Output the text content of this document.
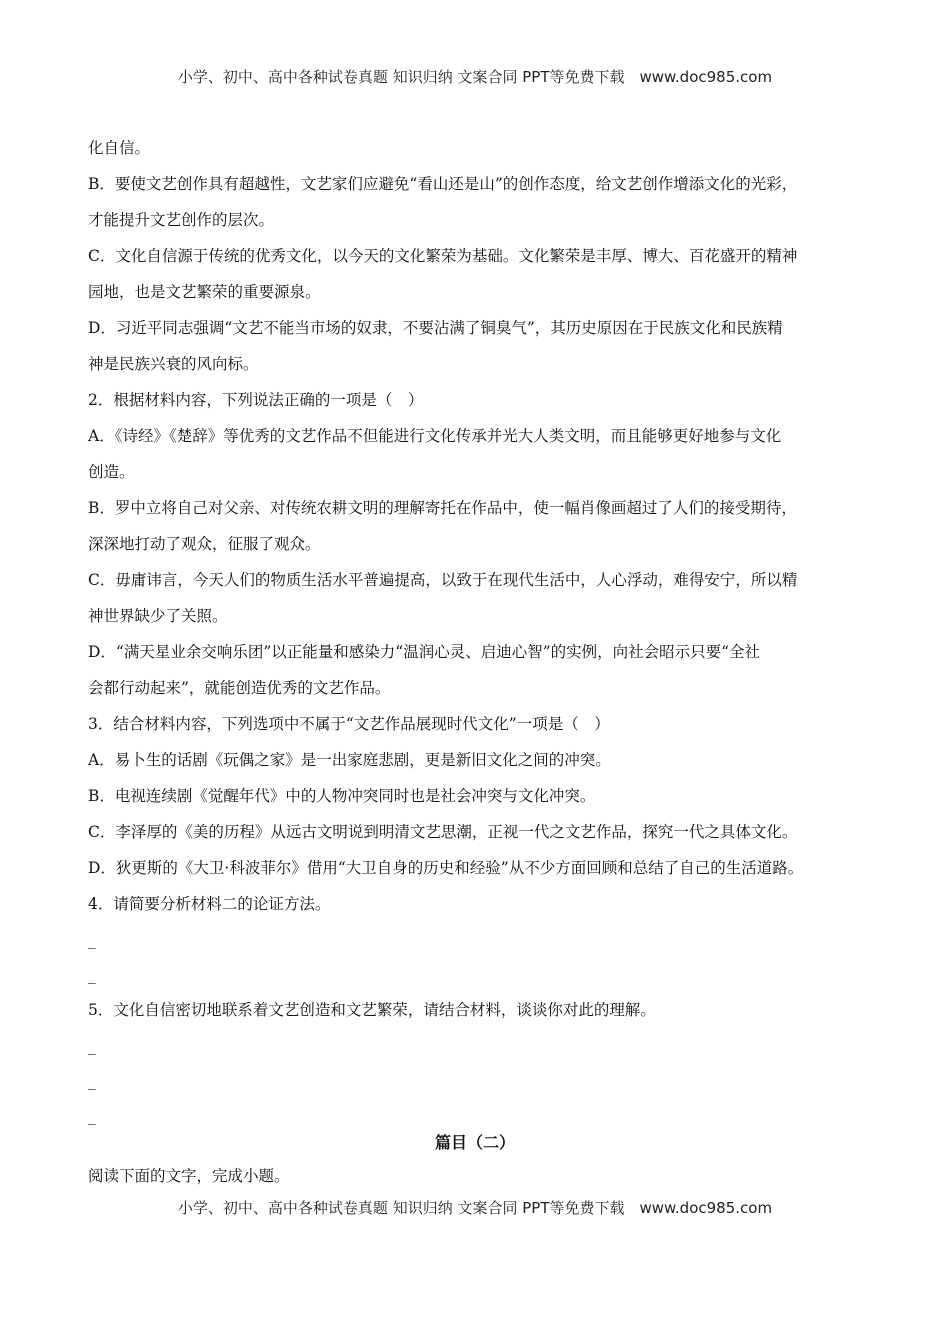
小学、初中、高中各种试卷真题 知识归纳 文案合同 PPT等免费下载　www.doc985.com
化自信。
B．要使文艺创作具有超越性，文艺家们应避免“看山还是山”的创作态度，给文艺创作增添文化的光彩，
才能提升文艺创作的层次。
C．文化自信源于传统的优秀文化，以今天的文化繁荣为基础。文化繁荣是丰厚、博大、百花盛开的精神
园地，也是文艺繁荣的重要源泉。
D．习近平同志强调“文艺不能当市场的奴隶，不要沾满了铜臭气”，其历史原因在于民族文化和民族精
神是民族兴衰的风向标。
2．根据材料内容，下列说法正确的一项是（　）
A．《诗经》《楚辞》等优秀的文艺作品不但能进行文化传承并光大人类文明，而且能够更好地参与文化
创造。
B．罗中立将自己对父亲、对传统农耕文明的理解寄托在作品中，使一幅肖像画超过了人们的接受期待，
深深地打动了观众，征服了观众。
C．毋庸讳言，今天人们的物质生活水平普遍提高，以致于在现代生活中，人心浮动，难得安宁，所以精
神世界缺少了关照。
D．“满天星业余交响乐团”以正能量和感染力“温润心灵、启迪心智”的实例，向社会昭示只要“全社
会都行动起来”，就能创造优秀的文艺作品。
3．结合材料内容，下列选项中不属于“文艺作品展现时代文化”一项是（　）
A．易卜生的话剧《玩偶之家》是一出家庭悲剧，更是新旧文化之间的冲突。
B．电视连续剧《觉醒年代》中的人物冲突同时也是社会冲突与文化冲突。
C．李泽厚的《美的历程》从远古文明说到明清文艺思潮，正视一代之文艺作品，探究一代之具体文化。
D．狄更斯的《大卫·科波菲尔》借用“大卫自身的历史和经验”从不少方面回顾和总结了自己的生活道路。
4．请简要分析材料二的论证方法。
_
_
5．文化自信密切地联系着文艺创造和文艺繁荣，请结合材料，谈谈你对此的理解。
_
_
_
篇目（二）
阅读下面的文字，完成小题。
小学、初中、高中各种试卷真题 知识归纳 文案合同 PPT等免费下载　www.doc985.com
